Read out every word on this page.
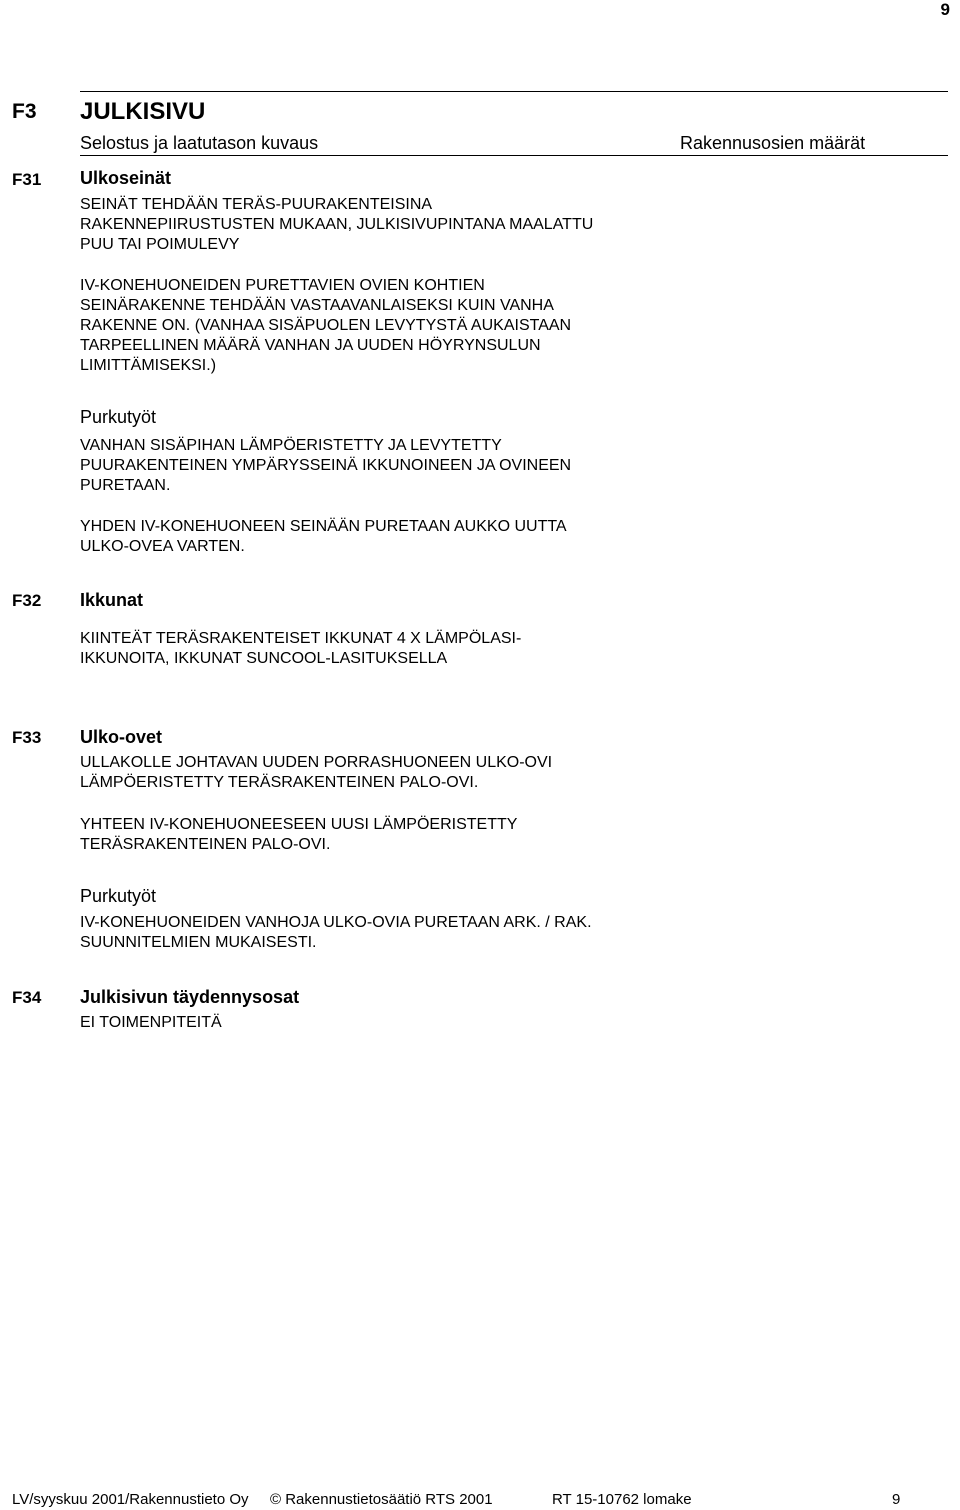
9
F3 JULKISIVU
Selostus ja laatutason kuvaus	Rakennusosien määrät
F31 Ulkoseinät
SEINÄT TEHDÄÄN TERÄS-PUURAKENTEISINA
RAKENNEPIIRUSTUSTEN MUKAAN, JULKISIVUPINTANA MAALATTU
PUU TAI POIMULEVY
IV-KONEHUONEIDEN PURETTAVIEN OVIEN KOHTIEN
SEINÄRAKENNE TEHDÄÄN VASTAAVANLAISEKSI KUIN VANHA
RAKENNE ON. (VANHAA SISÄPUOLEN LEVYTYSTÄ AUKAISTAAN
TARPEELLINEN MÄÄRÄ VANHAN JA UUDEN HÖYRYNSULUN
LIMITTÄMISEKSI.)
Purkutyöt
VANHAN SISÄPIHAN LÄMPÖERISTETTY JA LEVYTETTY
PUURAKENTEINEN YMPÄRYSSEINÄ IKKUNOINEEN JA OVINEEN
PURETAAN.
YHDEN IV-KONEHUONEEN SEINÄÄN PURETAAN AUKKO UUTTA
ULKO-OVEA VARTEN.
F32 Ikkunat
KIINTEÄT TERÄSRAKENTEISET IKKUNAT 4 X LÄMPÖLASI-
IKKUNOITA, IKKUNAT SUNCOOL-LASITUKSELLA
F33 Ulko-ovet
ULLAKOLLE JOHTAVAN UUDEN PORRASHUONEEN ULKO-OVI
LÄMPÖERISTETTY TERÄSRAKENTEINEN PALO-OVI.
YHTEEN IV-KONEHUONEESEEN UUSI LÄMPÖERISTETTY
TERÄSRAKENTEINEN PALO-OVI.
Purkutyöt
IV-KONEHUONEIDEN VANHOJA ULKO-OVIA PURETAAN ARK. / RAK.
SUUNNITELMIEN MUKAISESTI.
F34 Julkisivun täydennysosat
EI TOIMENPITEITÄ
LV/syyskuu 2001/Rakennustieto Oy © Rakennustietosäätiö RTS 2001	RT 15-10762 lomake	9
